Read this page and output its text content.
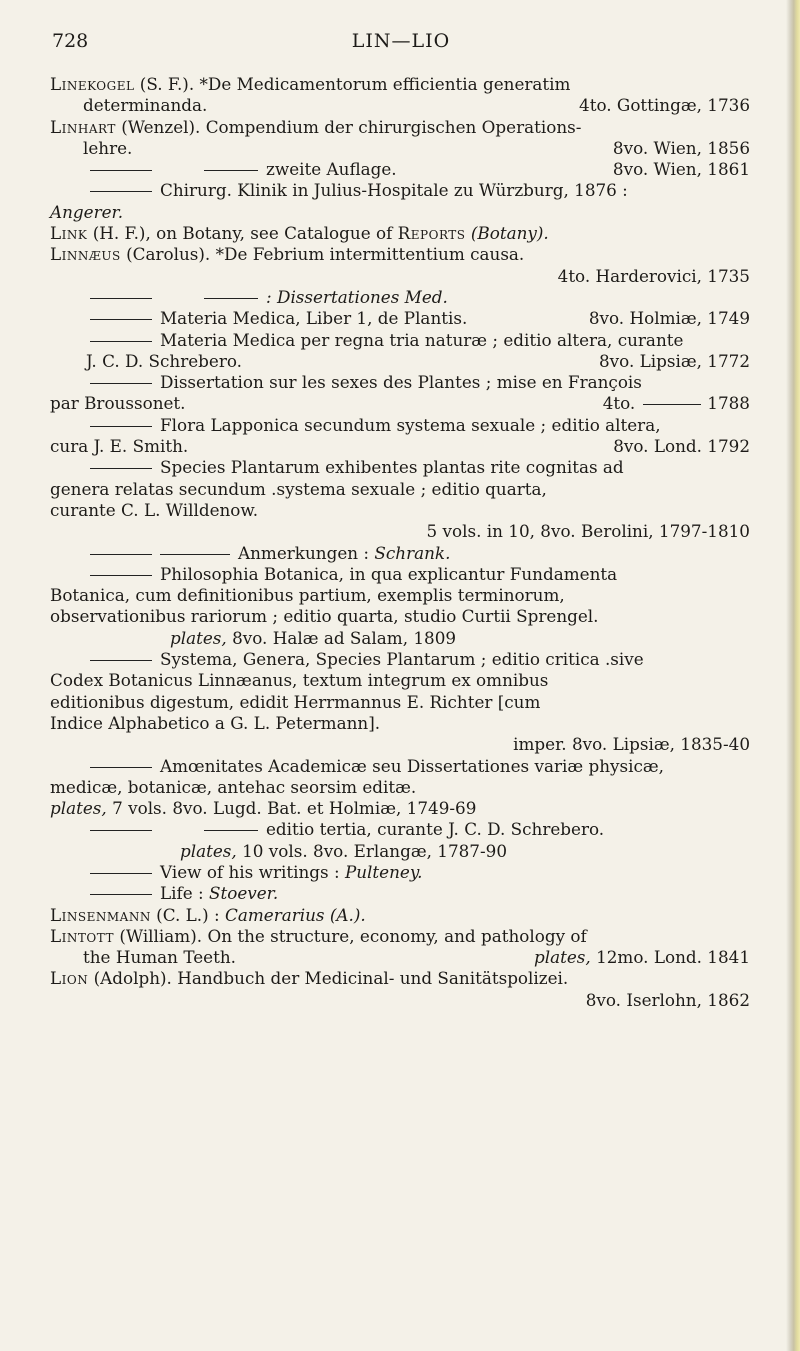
728	LIN—LIO
Linekogel (S. F.). *De Medicamentorum efficientia generatim
determinanda.	4to. Gottingæ, 1736
Linhart (Wenzel). Compendium der chirurgischen Operations-
lehre.	8vo. Wien, 1856
zweite Auflage.	8vo. Wien, 1861
Chirurg. Klinik in Julius-Hospitale zu Würzburg, 1876 :
Angerer.
Link (H. F.), on Botany, see Catalogue of Reports (Botany).
Linnæus (Carolus). *De Febrium intermittentium causa.
4to. Harderovici, 1735
: Dissertationes Med.
Materia Medica, Liber 1, de Plantis.	8vo. Holmiæ, 1749
Materia Medica per regna tria naturæ ; editio altera, curante
J. C. D. Schrebero.	8vo. Lipsiæ, 1772
Dissertation sur les sexes des Plantes ; mise en François
par Broussonet.	4to.	1788
Flora Lapponica secundum systema sexuale ; editio altera,
cura J. E. Smith.	8vo. Lond. 1792
Species Plantarum exhibentes plantas rite cognitas ad
genera relatas secundum .systema sexuale ; editio quarta,
curante C. L. Willdenow.
5 vols. in 10, 8vo. Berolini, 1797-1810
Anmerkungen : Schrank.
Philosophia Botanica, in qua explicantur Fundamenta
Botanica, cum definitionibus partium, exemplis terminorum,
observationibus rariorum ; editio quarta, studio Curtii Sprengel.
plates, 8vo. Halæ ad Salam, 1809
Systema, Genera, Species Plantarum ; editio critica .sive
Codex Botanicus Linnæanus, textum integrum ex omnibus
editionibus digestum, edidit Herrmannus E. Richter [cum
Indice Alphabetico a G. L. Petermann].
imper. 8vo. Lipsiæ, 1835-40
Amœnitates Academicæ seu Dissertationes variæ physicæ,
medicæ, botanicæ, antehac seorsim editæ.
plates, 7 vols. 8vo. Lugd. Bat. et Holmiæ, 1749-69
editio tertia, curante J. C. D. Schrebero.
plates, 10 vols. 8vo. Erlangæ, 1787-90
View of his writings : Pulteney.
Life : Stoever.
Linsenmann (C. L.) : Camerarius (A.).
Lintott (William). On the structure, economy, and pathology of
the Human Teeth.	plates, 12mo. Lond. 1841
Lion (Adolph). Handbuch der Medicinal- und Sanitätspolizei.
8vo. Iserlohn, 1862
